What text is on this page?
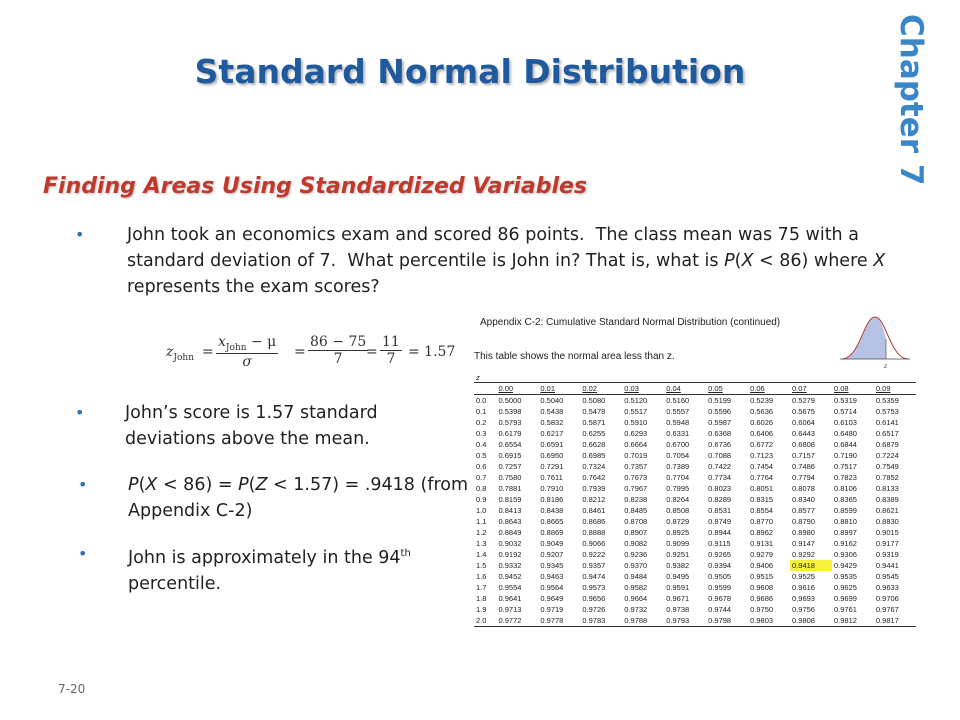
Standard Normal Distribution	Chapter 7
Finding Areas Using Standardized Variables
• John took an economics exam and scored 86 points.  The class mean was 75 with a standard deviation of 7.  What percentile is John in? That is, what is P(X < 86) where X represents the exam scores?
$z_{John}$ =
$x_{John} - \mu$
σ
= $\frac{86 - 75}{7}$
= $\frac{11}{7} = 1.57$
• John’s score is 1.57 standard deviations above the mean.
• P(X < 86) = P(Z < 1.57) = .9418 (from Appendix C-2)
• John is approximately in the 94th percentile.
Appendix C-2: Cumulative Standard Normal Distribution (continued)
This table shows the normal area less than z.
z
z										
	0.00	0.01	0.02	0.03	0.04	0.05	0.06	0.07	0.08	0.09
0.0	0.5000	0.5040	0.5080	0.5120	0.5160	0.5199	0.5239	0.5279	0.5319	0.5359
0.1	0.5398	0.5438	0.5478	0.5517	0.5557	0.5596	0.5636	0.5675	0.5714	0.5753
0.2	0.5793	0.5832	0.5871	0.5910	0.5948	0.5987	0.6026	0.6064	0.6103	0.6141
0.3	0.6179	0.6217	0.6255	0.6293	0.6331	0.6368	0.6406	0.6443	0.6480	0.6517
0.4	0.6554	0.6591	0.6628	0.6664	0.6700	0.6736	0.6772	0.6808	0.6844	0.6879
0.5	0.6915	0.6950	0.6985	0.7019	0.7054	0.7088	0.7123	0.7157	0.7190	0.7224
0.6	0.7257	0.7291	0.7324	0.7357	0.7389	0.7422	0.7454	0.7486	0.7517	0.7549
0.7	0.7580	0.7611	0.7642	0.7673	0.7704	0.7734	0.7764	0.7794	0.7823	0.7852
0.8	0.7881	0.7910	0.7939	0.7967	0.7995	0.8023	0.8051	0.8078	0.8106	0.8133
0.9	0.8159	0.8186	0.8212	0.8238	0.8264	0.8289	0.8315	0.8340	0.8365	0.8389
1.0	0.8413	0.8438	0.8461	0.8485	0.8508	0.8531	0.8554	0.8577	0.8599	0.8621
1.1	0.8643	0.8665	0.8686	0.8708	0.8729	0.8749	0.8770	0.8790	0.8810	0.8830
1.2	0.8849	0.8869	0.8888	0.8907	0.8925	0.8944	0.8962	0.8980	0.8997	0.9015
1.3	0.9032	0.9049	0.9066	0.9082	0.9099	0.9115	0.9131	0.9147	0.9162	0.9177
1.4	0.9192	0.9207	0.9222	0.9236	0.9251	0.9265	0.9279	0.9292	0.9306	0.9319
1.5	0.9332	0.9345	0.9357	0.9370	0.9382	0.9394	0.9406	0.9418	0.9429	0.9441
1.6	0.9452	0.9463	0.9474	0.9484	0.9495	0.9505	0.9515	0.9525	0.9535	0.9545
1.7	0.9554	0.9564	0.9573	0.9582	0.9591	0.9599	0.9608	0.9616	0.9625	0.9633
1.8	0.9641	0.9649	0.9656	0.9664	0.9671	0.9678	0.9686	0.9693	0.9699	0.9706
1.9	0.9713	0.9719	0.9726	0.9732	0.9738	0.9744	0.9750	0.9756	0.9761	0.9767
2.0	0.9772	0.9778	0.9783	0.9788	0.9793	0.9798	0.9803	0.9808	0.9812	0.9817
7-20
